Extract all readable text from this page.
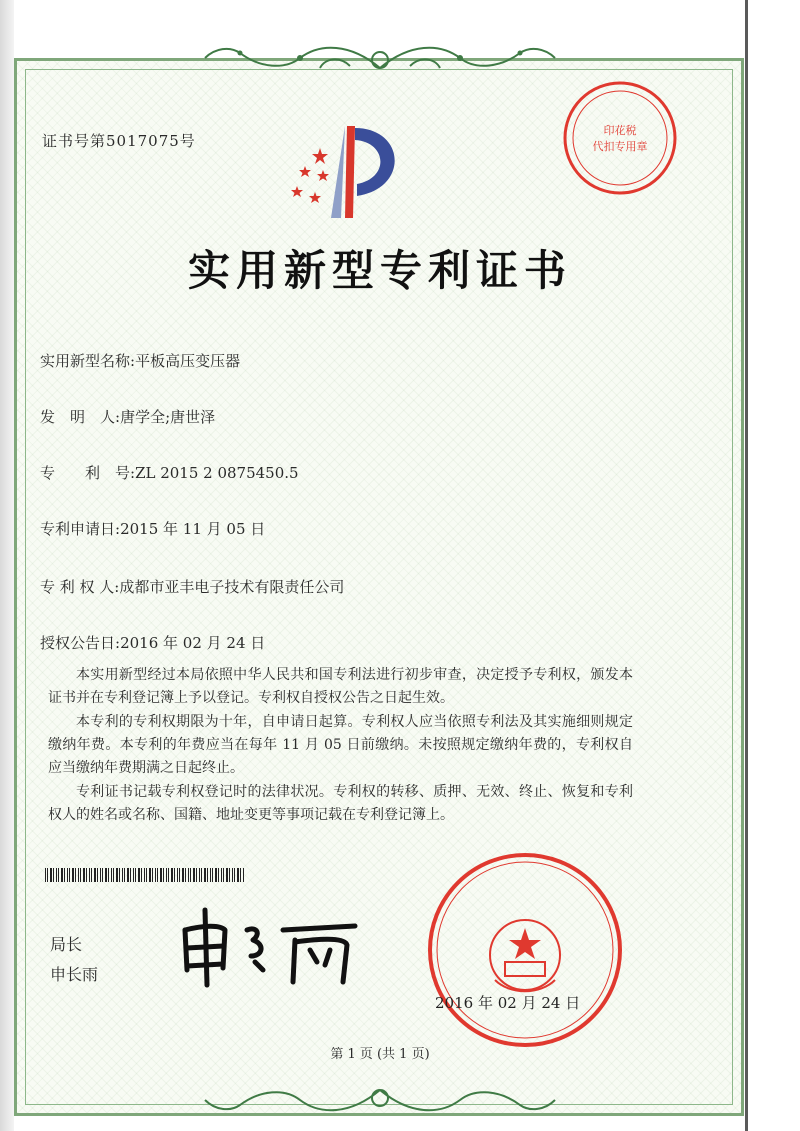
证书号第5017075号
印花税
代扣专用章
实用新型专利证书
实用新型名称:平板高压变压器
发　明　人:唐学全;唐世泽
专　　利　号:ZL 2015 2 0875450.5
专利申请日:2015 年 11 月 05 日
专 利 权 人:成都市亚丰电子技术有限责任公司
授权公告日:2016 年 02 月 24 日

本实用新型经过本局依照中华人民共和国专利法进行初步审查，决定授予专利权，颁发本证书并在专利登记簿上予以登记。专利权自授权公告之日起生效。

本专利的专利权期限为十年，自申请日起算。专利权人应当依照专利法及其实施细则规定缴纳年费。本专利的年费应当在每年 11 月 05 日前缴纳。未按照规定缴纳年费的，专利权自应当缴纳年费期满之日起终止。

专利证书记载专利权登记时的法律状况。专利权的转移、质押、无效、终止、恢复和专利权人的姓名或名称、国籍、地址变更等事项记载在专利登记簿上。

局长
申长雨
2016 年 02 月 24 日
第 1 页 (共 1 页)
